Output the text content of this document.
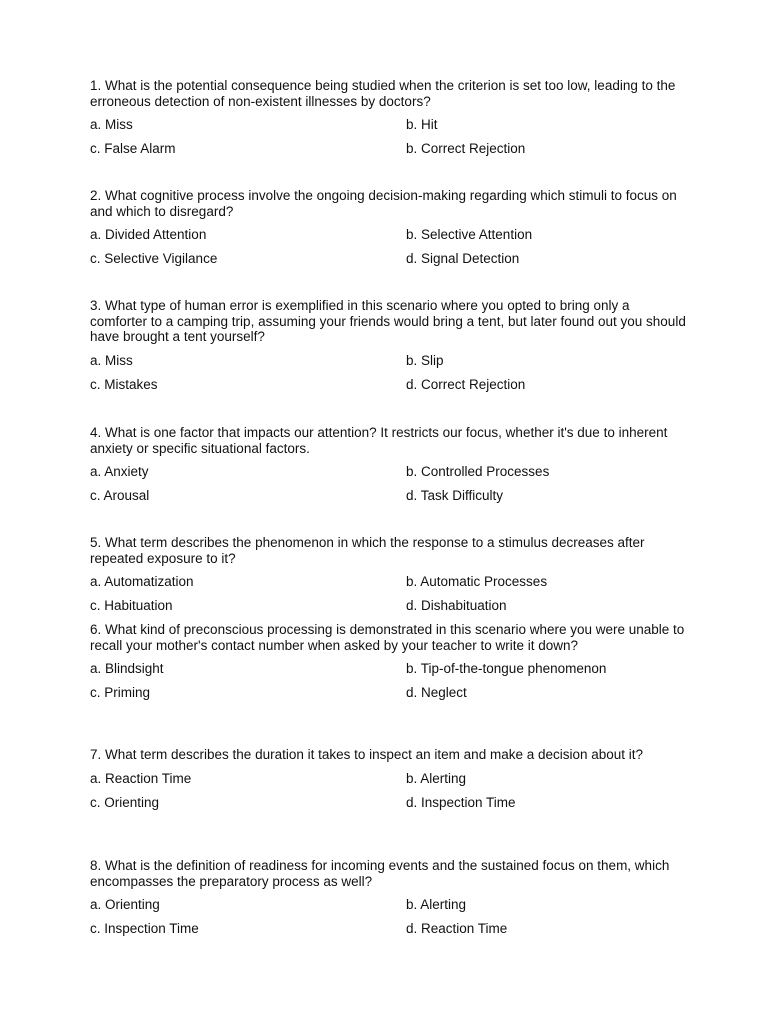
1. What is the potential consequence being studied when the criterion is set too low, leading to the erroneous detection of non-existent illnesses by doctors?

a. Miss	b. Hit

c. False Alarm	b. Correct Rejection

2. What cognitive process involve the ongoing decision-making regarding which stimuli to focus on and which to disregard?

a. Divided Attention	b. Selective Attention

c. Selective Vigilance	d. Signal Detection

3. What type of human error is exemplified in this scenario where you opted to bring only a comforter to a camping trip, assuming your friends would bring a tent, but later found out you should have brought a tent yourself?

a. Miss	b. Slip

c. Mistakes	d. Correct Rejection

4. What is one factor that impacts our attention? It restricts our focus, whether it's due to inherent anxiety or specific situational factors.

a. Anxiety	b. Controlled Processes

c. Arousal	d. Task Difficulty

5. What term describes the phenomenon in which the response to a stimulus decreases after repeated exposure to it?

a. Automatization	b. Automatic Processes

c. Habituation	d. Dishabituation

6. What kind of preconscious processing is demonstrated in this scenario where you were unable to recall your mother's contact number when asked by your teacher to write it down?

a. Blindsight	b. Tip-of-the-tongue phenomenon

c. Priming	d. Neglect

7. What term describes the duration it takes to inspect an item and make a decision about it?

a. Reaction Time	b. Alerting

c. Orienting	d. Inspection Time

8. What is the definition of readiness for incoming events and the sustained focus on them, which encompasses the preparatory process as well?

a. Orienting	b. Alerting

c. Inspection Time	d. Reaction Time
